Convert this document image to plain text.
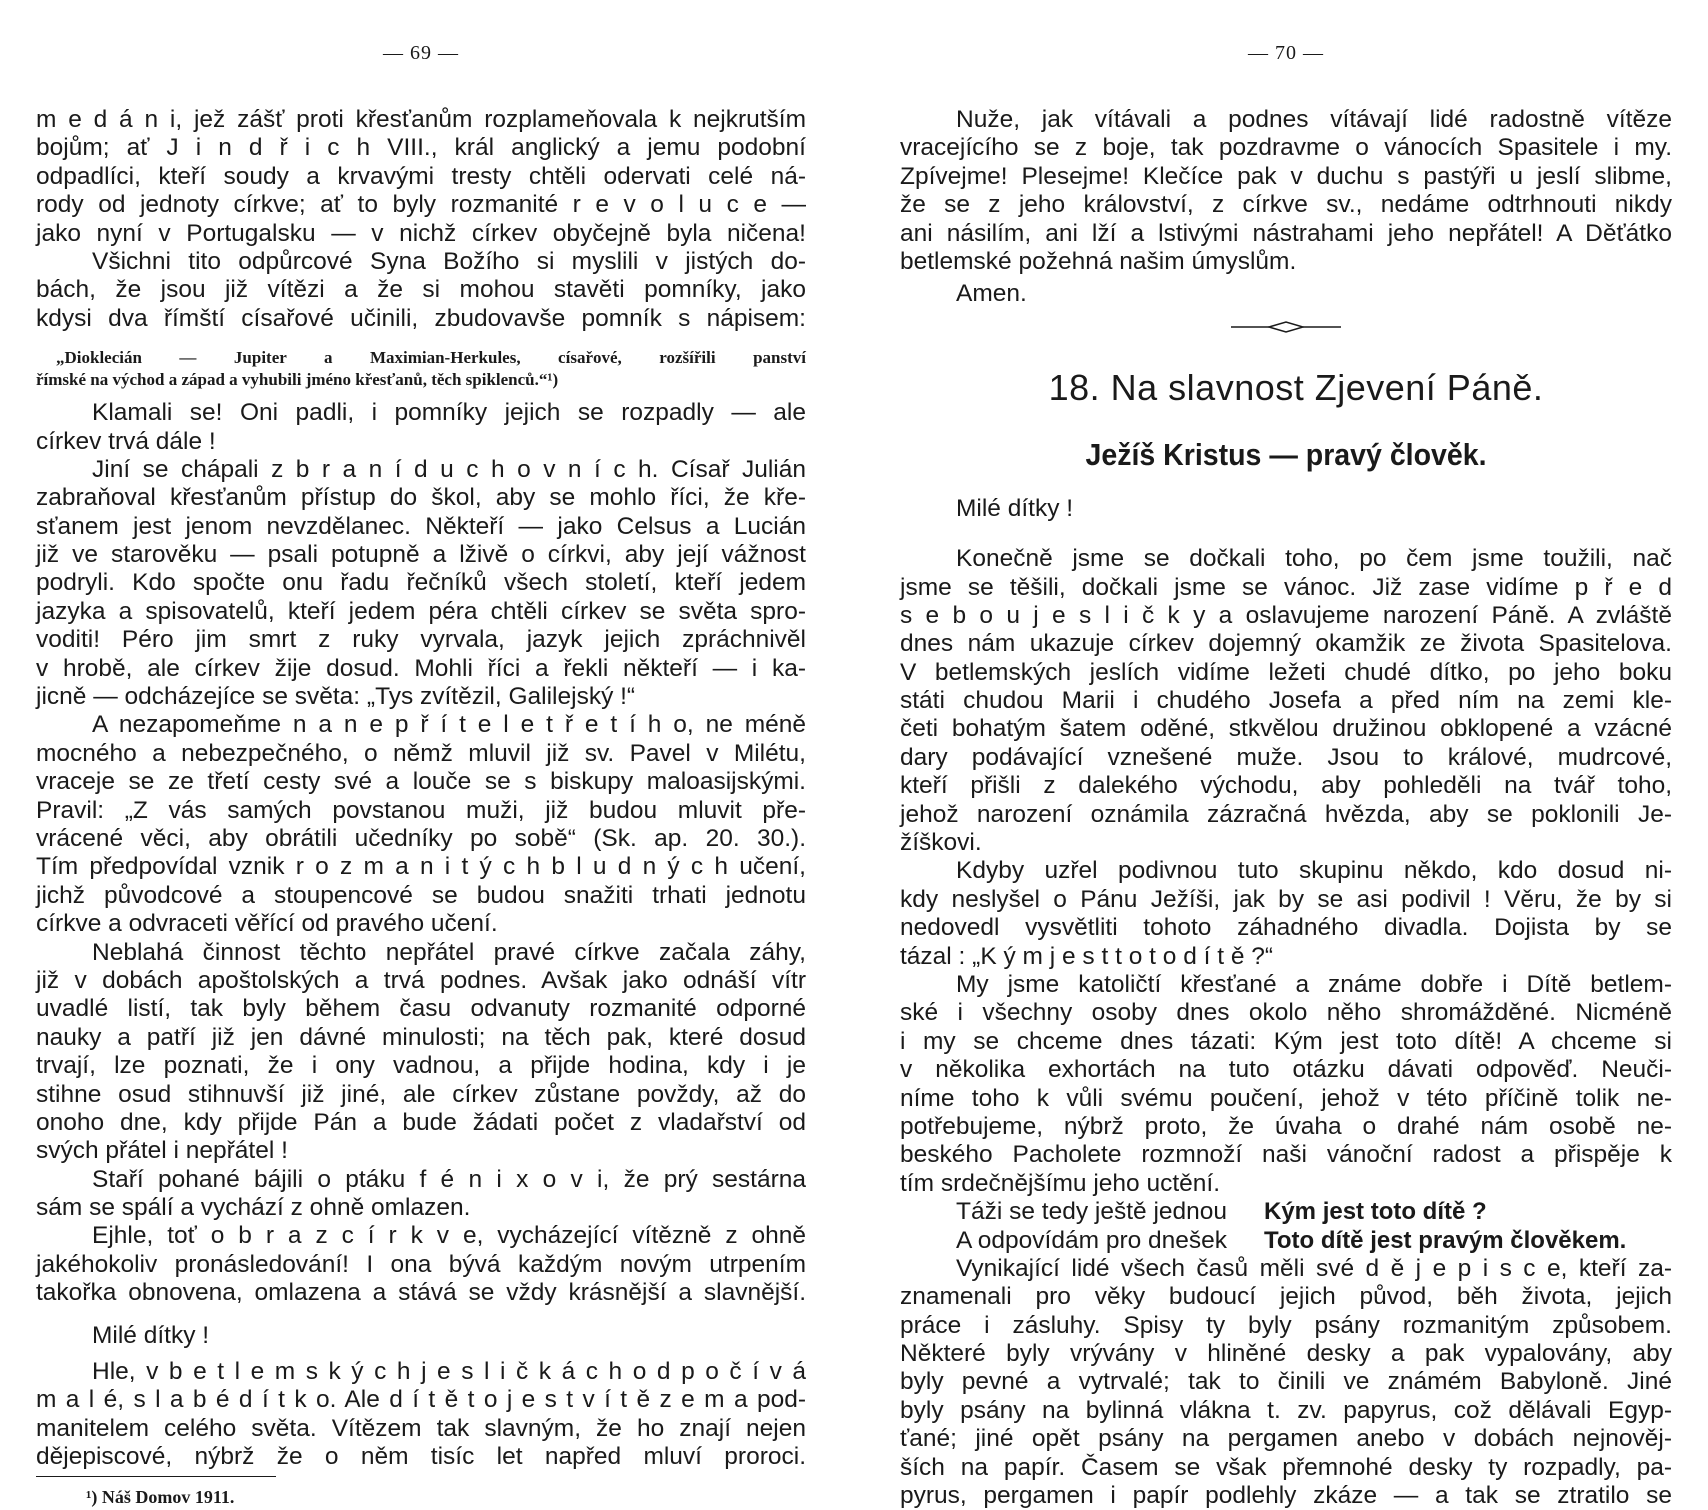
— 69 —
m e d á n i, jež zášť proti křesťanům rozplameňovala k nejkrutším
bojům; ať J i n d ř i c h VIII., král anglický a jemu podobní
odpadlíci, kteří soudy a krvavými tresty chtěli odervati celé ná-
rody od jednoty církve; ať to byly rozmanité r e v o l u c e —
jako nyní v Portugalsku — v nichž církev obyčejně byla ničena!
Všichni tito odpůrcové Syna Božího si myslili v jistých do-
bách, že jsou již vítězi a že si mohou stavěti pomníky, jako
kdysi dva římští císařové učinili, zbudovavše pomník s nápisem:
„Dioklecián — Jupiter a Maximian-Herkules, císařové, rozšířili panství
římské na východ a západ a vyhubili jméno křesťanů, těch spiklenců.“¹)
Klamali se! Oni padli, i pomníky jejich se rozpadly — ale
církev trvá dále !
Jiní se chápali z b r a n í d u c h o v n í c h. Císař Julián
zabraňoval křesťanům přístup do škol, aby se mohlo říci, že kře-
sťanem jest jenom nevzdělanec. Někteří — jako Celsus a Lucián
již ve starověku — psali potupně a lživě o církvi, aby její vážnost
podryli. Kdo spočte onu řadu řečníků všech století, kteří jedem
jazyka a spisovatelů, kteří jedem péra chtěli církev se světa spro-
voditi! Péro jim smrt z ruky vyrvala, jazyk jejich zpráchnivěl
v hrobě, ale církev žije dosud. Mohli říci a řekli někteří — i ka-
jicně — odcházejíce se světa: „Tys zvítězil, Galilejský !“
A nezapomeňme n a n e p ř í t e l e t ř e t í h o, ne méně
mocného a nebezpečného, o němž mluvil již sv. Pavel v Milétu,
vraceje se ze třetí cesty své a louče se s biskupy maloasijskými.
Pravil: „Z vás samých povstanou muži, již budou mluvit pře-
vrácené věci, aby obrátili učedníky po sobě“ (Sk. ap. 20. 30.).
Tím předpovídal vznik r o z m a n i t ý c h b l u d n ý c h učení,
jichž původcové a stoupencové se budou snažiti trhati jednotu
církve a odvraceti věřící od pravého učení.
Neblahá činnost těchto nepřátel pravé církve začala záhy,
již v dobách apoštolských a trvá podnes. Avšak jako odnáší vítr
uvadlé listí, tak byly během času odvanuty rozmanité odporné
nauky a patří již jen dávné minulosti; na těch pak, které dosud
trvají, lze poznati, že i ony vadnou, a přijde hodina, kdy i je
stihne osud stihnuvší již jiné, ale církev zůstane povždy, až do
onoho dne, kdy přijde Pán a bude žádati počet z vladařství od
svých přátel i nepřátel !
Staří pohané bájili o ptáku f é n i x o v i, že prý sestárna
sám se spálí a vychází z ohně omlazen.
Ejhle, toť o b r a z c í r k v e, vycházející vítězně z ohně
jakéhokoliv pronásledování! I ona bývá každým novým utrpením
takořka obnovena, omlazena a stává se vždy krásnější a slavnější.
Milé dítky !
Hle, v b e t l e m s k ý c h j e s l i č k á c h o d p o č í v á
m a l é, s l a b é d í t k o. Ale d í t ě t o j e s t v í t ě z e m a pod-
manitelem celého světa. Vítězem tak slavným, že ho znají nejen
dějepiscové, nýbrž že o něm tisíc let napřed mluví proroci.
¹) Náš Domov 1911.
— 70 —
Nuže, jak vítávali a podnes vítávají lidé radostně vítěze
vracejícího se z boje, tak pozdravme o vánocích Spasitele i my.
Zpívejme! Plesejme! Klečíce pak v duchu s pastýři u jeslí slibme,
že se z jeho království, z církve sv., nedáme odtrhnouti nikdy
ani násilím, ani lží a lstivými nástrahami jeho nepřátel! A Děťátko
betlemské požehná našim úmyslům.
Amen.
18. Na slavnost Zjevení Páně.
Ježíš Kristus — pravý člověk.
Milé dítky !
Konečně jsme se dočkali toho, po čem jsme toužili, nač
jsme se těšili, dočkali jsme se vánoc. Již zase vidíme p ř e d
s e b o u j e s l i č k y a oslavujeme narození Páně. A zvláště
dnes nám ukazuje církev dojemný okamžik ze života Spasitelova.
V betlemských jeslích vidíme ležeti chudé dítko, po jeho boku
státi chudou Marii i chudého Josefa a před ním na zemi kle-
četi bohatým šatem oděné, stkvělou družinou obklopené a vzácné
dary podávající vznešené muže. Jsou to králové, mudrcové,
kteří přišli z dalekého východu, aby pohleděli na tvář toho,
jehož narození oznámila zázračná hvězda, aby se poklonili Je-
žíškovi.
Kdyby uzřel podivnou tuto skupinu někdo, kdo dosud ni-
kdy neslyšel o Pánu Ježíši, jak by se asi podivil ! Věru, že by si
nedovedl vysvětliti tohoto záhadného divadla. Dojista by se
tázal : „K ý m j e s t t o t o d í t ě ?“
My jsme katoličtí křesťané a známe dobře i Dítě betlem-
ské i všechny osoby dnes okolo něho shromážděné. Nicméně
i my se chceme dnes tázati: Kým jest toto dítě! A chceme si
v několika exhortách na tuto otázku dávati odpověď. Neuči-
níme toho k vůli svému poučení, jehož v této příčině tolik ne-
potřebujeme, nýbrž proto, že úvaha o drahé nám osobě ne-
beského Pacholete rozmnoží naši vánoční radost a přispěje k
tím srdečnějšímu jeho uctění.
Táži se tedy ještě jednou	Kým jest toto dítě ?
A odpovídám pro dnešek	Toto dítě jest pravým člověkem.
Vynikající lidé všech časů měli své d ě j e p i s c e, kteří za-
znamenali pro věky budoucí jejich původ, běh života, jejich
práce i zásluhy. Spisy ty byly psány rozmanitým způsobem.
Některé byly vrývány v hliněné desky a pak vypalovány, aby
byly pevné a vytrvalé; tak to činili ve známém Babyloně. Jiné
byly psány na bylinná vlákna t. zv. papyrus, což dělávali Egyp-
ťané; jiné opět psány na pergamen anebo v dobách nejnověj-
ších na papír. Časem se však přemnohé desky ty rozpadly, pa-
pyrus, pergamen i papír podlehly zkáze — a tak se ztratilo se
